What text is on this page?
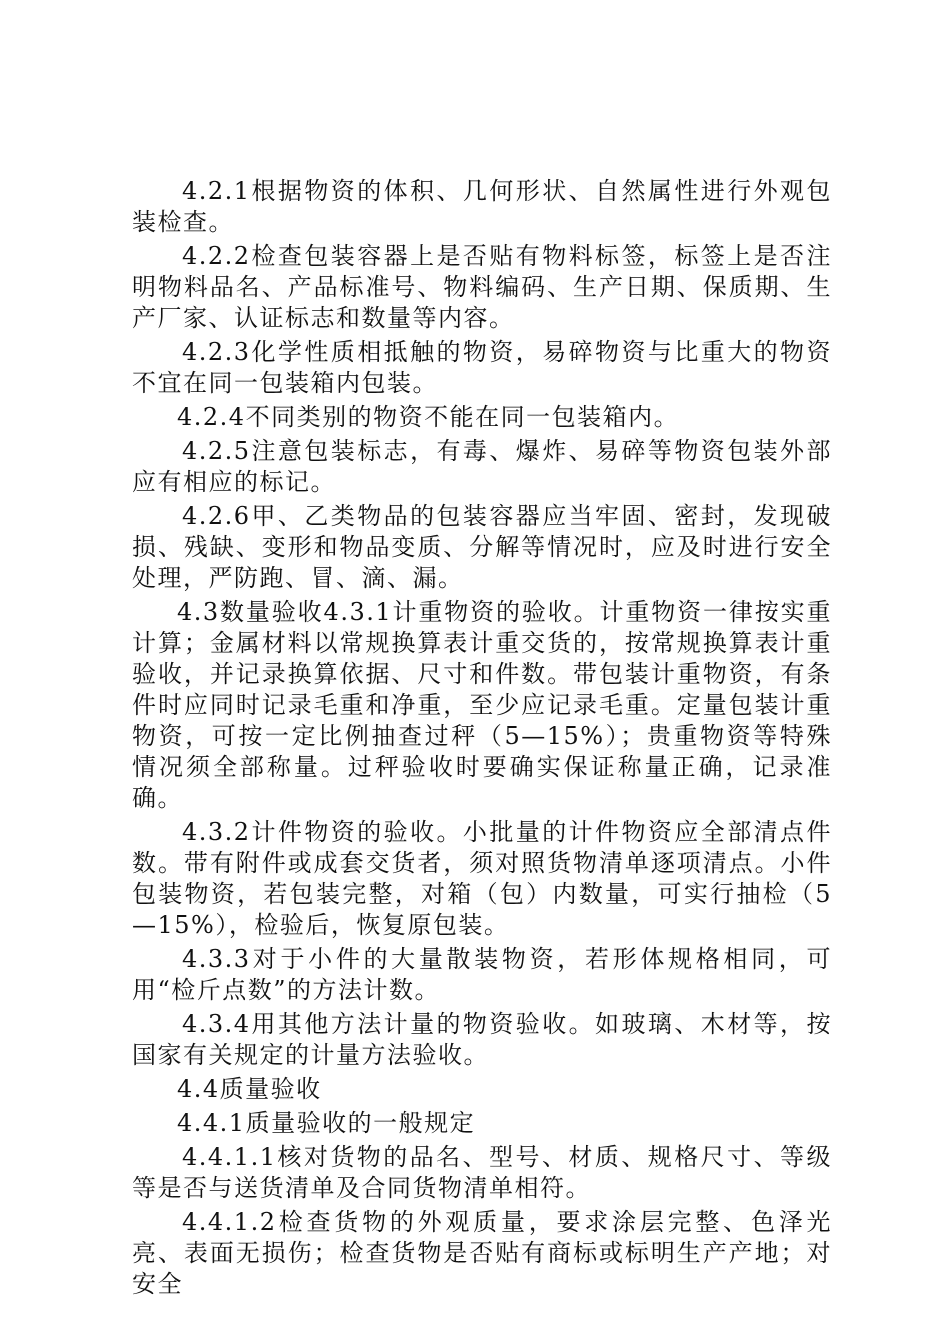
4.2.1根据物资的体积、几何形状、自然属性进行外观包装检查。

4.2.2检查包装容器上是否贴有物料标签，标签上是否注明物料品名、产品标准号、物料编码、生产日期、保质期、生产厂家、认证标志和数量等内容。

4.2.3化学性质相抵触的物资，易碎物资与比重大的物资不宜在同一包装箱内包装。

4.2.4不同类别的物资不能在同一包装箱内。

4.2.5注意包装标志，有毒、爆炸、易碎等物资包装外部应有相应的标记。

4.2.6甲、乙类物品的包装容器应当牢固、密封，发现破损、残缺、变形和物品变质、分解等情况时，应及时进行安全处理，严防跑、冒、滴、漏。

4.3数量验收4.3.1计重物资的验收。计重物资一律按实重计算；金属材料以常规换算表计重交货的，按常规换算表计重验收，并记录换算依据、尺寸和件数。带包装计重物资，有条件时应同时记录毛重和净重，至少应记录毛重。定量包装计重物资，可按一定比例抽查过秤（5—15%）；贵重物资等特殊情况须全部称量。过秤验收时要确实保证称量正确，记录准确。

4.3.2计件物资的验收。小批量的计件物资应全部清点件数。带有附件或成套交货者，须对照货物清单逐项清点。小件包装物资，若包装完整，对箱（包）内数量，可实行抽检（5—15%），检验后，恢复原包装。

4.3.3对于小件的大量散装物资，若形体规格相同，可用“检斤点数”的方法计数。

4.3.4用其他方法计量的物资验收。如玻璃、木材等，按国家有关规定的计量方法验收。

4.4质量验收

4.4.1质量验收的一般规定

4.4.1.1核对货物的品名、型号、材质、规格尺寸、等级等是否与送货清单及合同货物清单相符。

4.4.1.2检查货物的外观质量，要求涂层完整、色泽光亮、表面无损伤；检查货物是否贴有商标或标明生产产地；对安全
